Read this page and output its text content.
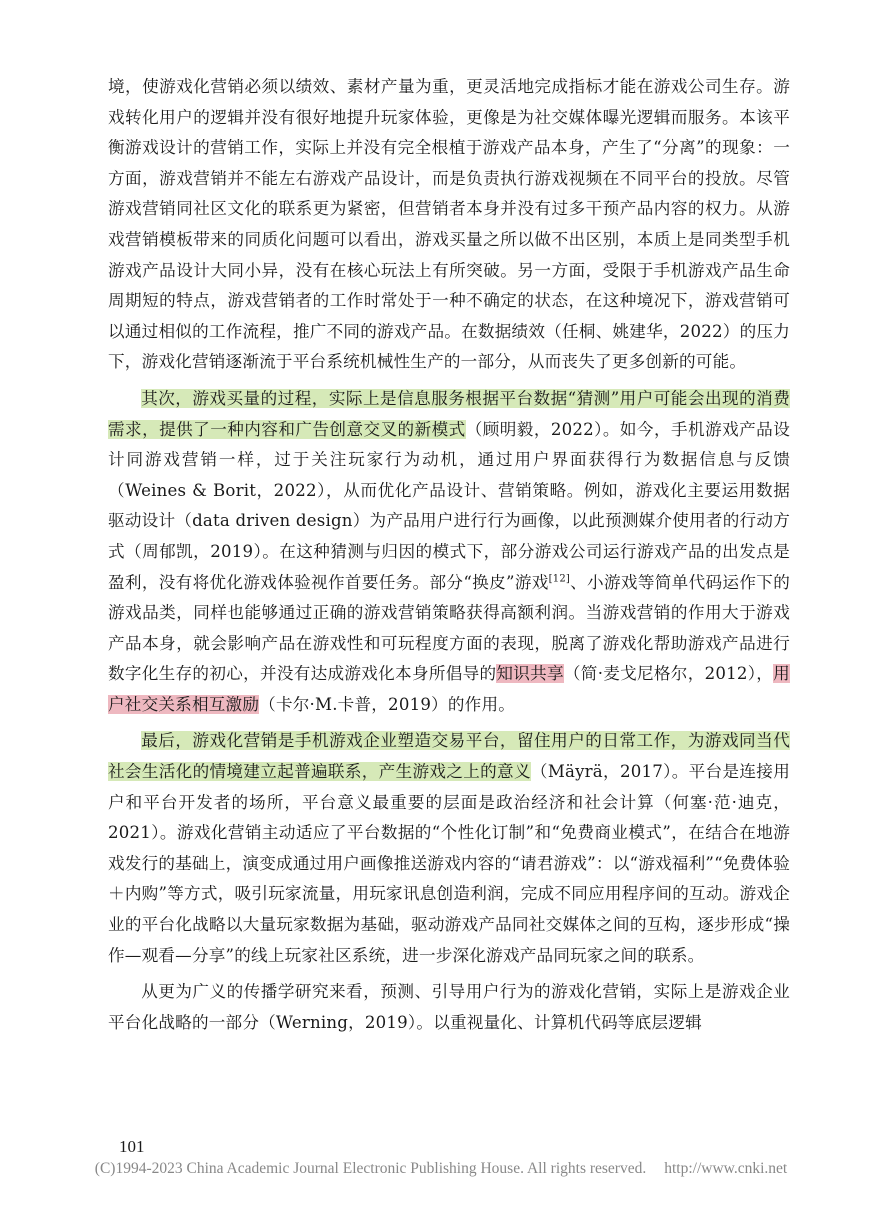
境，使游戏化营销必须以绩效、素材产量为重，更灵活地完成指标才能在游戏公司生存。游戏转化用户的逻辑并没有很好地提升玩家体验，更像是为社交媒体曝光逻辑而服务。本该平衡游戏设计的营销工作，实际上并没有完全根植于游戏产品本身，产生了“分离”的现象：一方面，游戏营销并不能左右游戏产品设计，而是负责执行游戏视频在不同平台的投放。尽管游戏营销同社区文化的联系更为紧密，但营销者本身并没有过多干预产品内容的权力。从游戏营销模板带来的同质化问题可以看出，游戏买量之所以做不出区别，本质上是同类型手机游戏产品设计大同小异，没有在核心玩法上有所突破。另一方面，受限于手机游戏产品生命周期短的特点，游戏营销者的工作时常处于一种不确定的状态，在这种境况下，游戏营销可以通过相似的工作流程，推广不同的游戏产品。在数据绩效（任桐、姚建华，2022）的压力下，游戏化营销逐渐流于平台系统机械性生产的一部分，从而丧失了更多创新的可能。

其次，游戏买量的过程，实际上是信息服务根据平台数据“猜测”用户可能会出现的消费需求，提供了一种内容和广告创意交叉的新模式（顾明毅，2022）。如今，手机游戏产品设计同游戏营销一样，过于关注玩家行为动机，通过用户界面获得行为数据信息与反馈（Weines & Borit，2022），从而优化产品设计、营销策略。例如，游戏化主要运用数据驱动设计（data driven design）为产品用户进行行为画像，以此预测媒介使用者的行动方式（周郁凯，2019）。在这种猜测与归因的模式下，部分游戏公司运行游戏产品的出发点是盈利，没有将优化游戏体验视作首要任务。部分“换皮”游戏[12]、小游戏等简单代码运作下的游戏品类，同样也能够通过正确的游戏营销策略获得高额利润。当游戏营销的作用大于游戏产品本身，就会影响产品在游戏性和可玩程度方面的表现，脱离了游戏化帮助游戏产品进行数字化生存的初心，并没有达成游戏化本身所倡导的知识共享（简·麦戈尼格尔，2012），用户社交关系相互激励（卡尔·M.卡普，2019）的作用。

最后，游戏化营销是手机游戏企业塑造交易平台，留住用户的日常工作，为游戏同当代社会生活化的情境建立起普遍联系，产生游戏之上的意义（Mäyrä，2017）。平台是连接用户和平台开发者的场所，平台意义最重要的层面是政治经济和社会计算（何塞·范·迪克，2021）。游戏化营销主动适应了平台数据的“个性化订制”和“免费商业模式”，在结合在地游戏发行的基础上，演变成通过用户画像推送游戏内容的“请君游戏”：以“游戏福利”“免费体验＋内购”等方式，吸引玩家流量，用玩家讯息创造利润，完成不同应用程序间的互动。游戏企业的平台化战略以大量玩家数据为基础，驱动游戏产品同社交媒体之间的互构，逐步形成“操作—观看—分享”的线上玩家社区系统，进一步深化游戏产品同玩家之间的联系。

从更为广义的传播学研究来看，预测、引导用户行为的游戏化营销，实际上是游戏企业平台化战略的一部分（Werning，2019）。以重视量化、计算机代码等底层逻辑

101
(C)1994-2023 China Academic Journal Electronic Publishing House. All rights reserved. http://www.cnki.net
